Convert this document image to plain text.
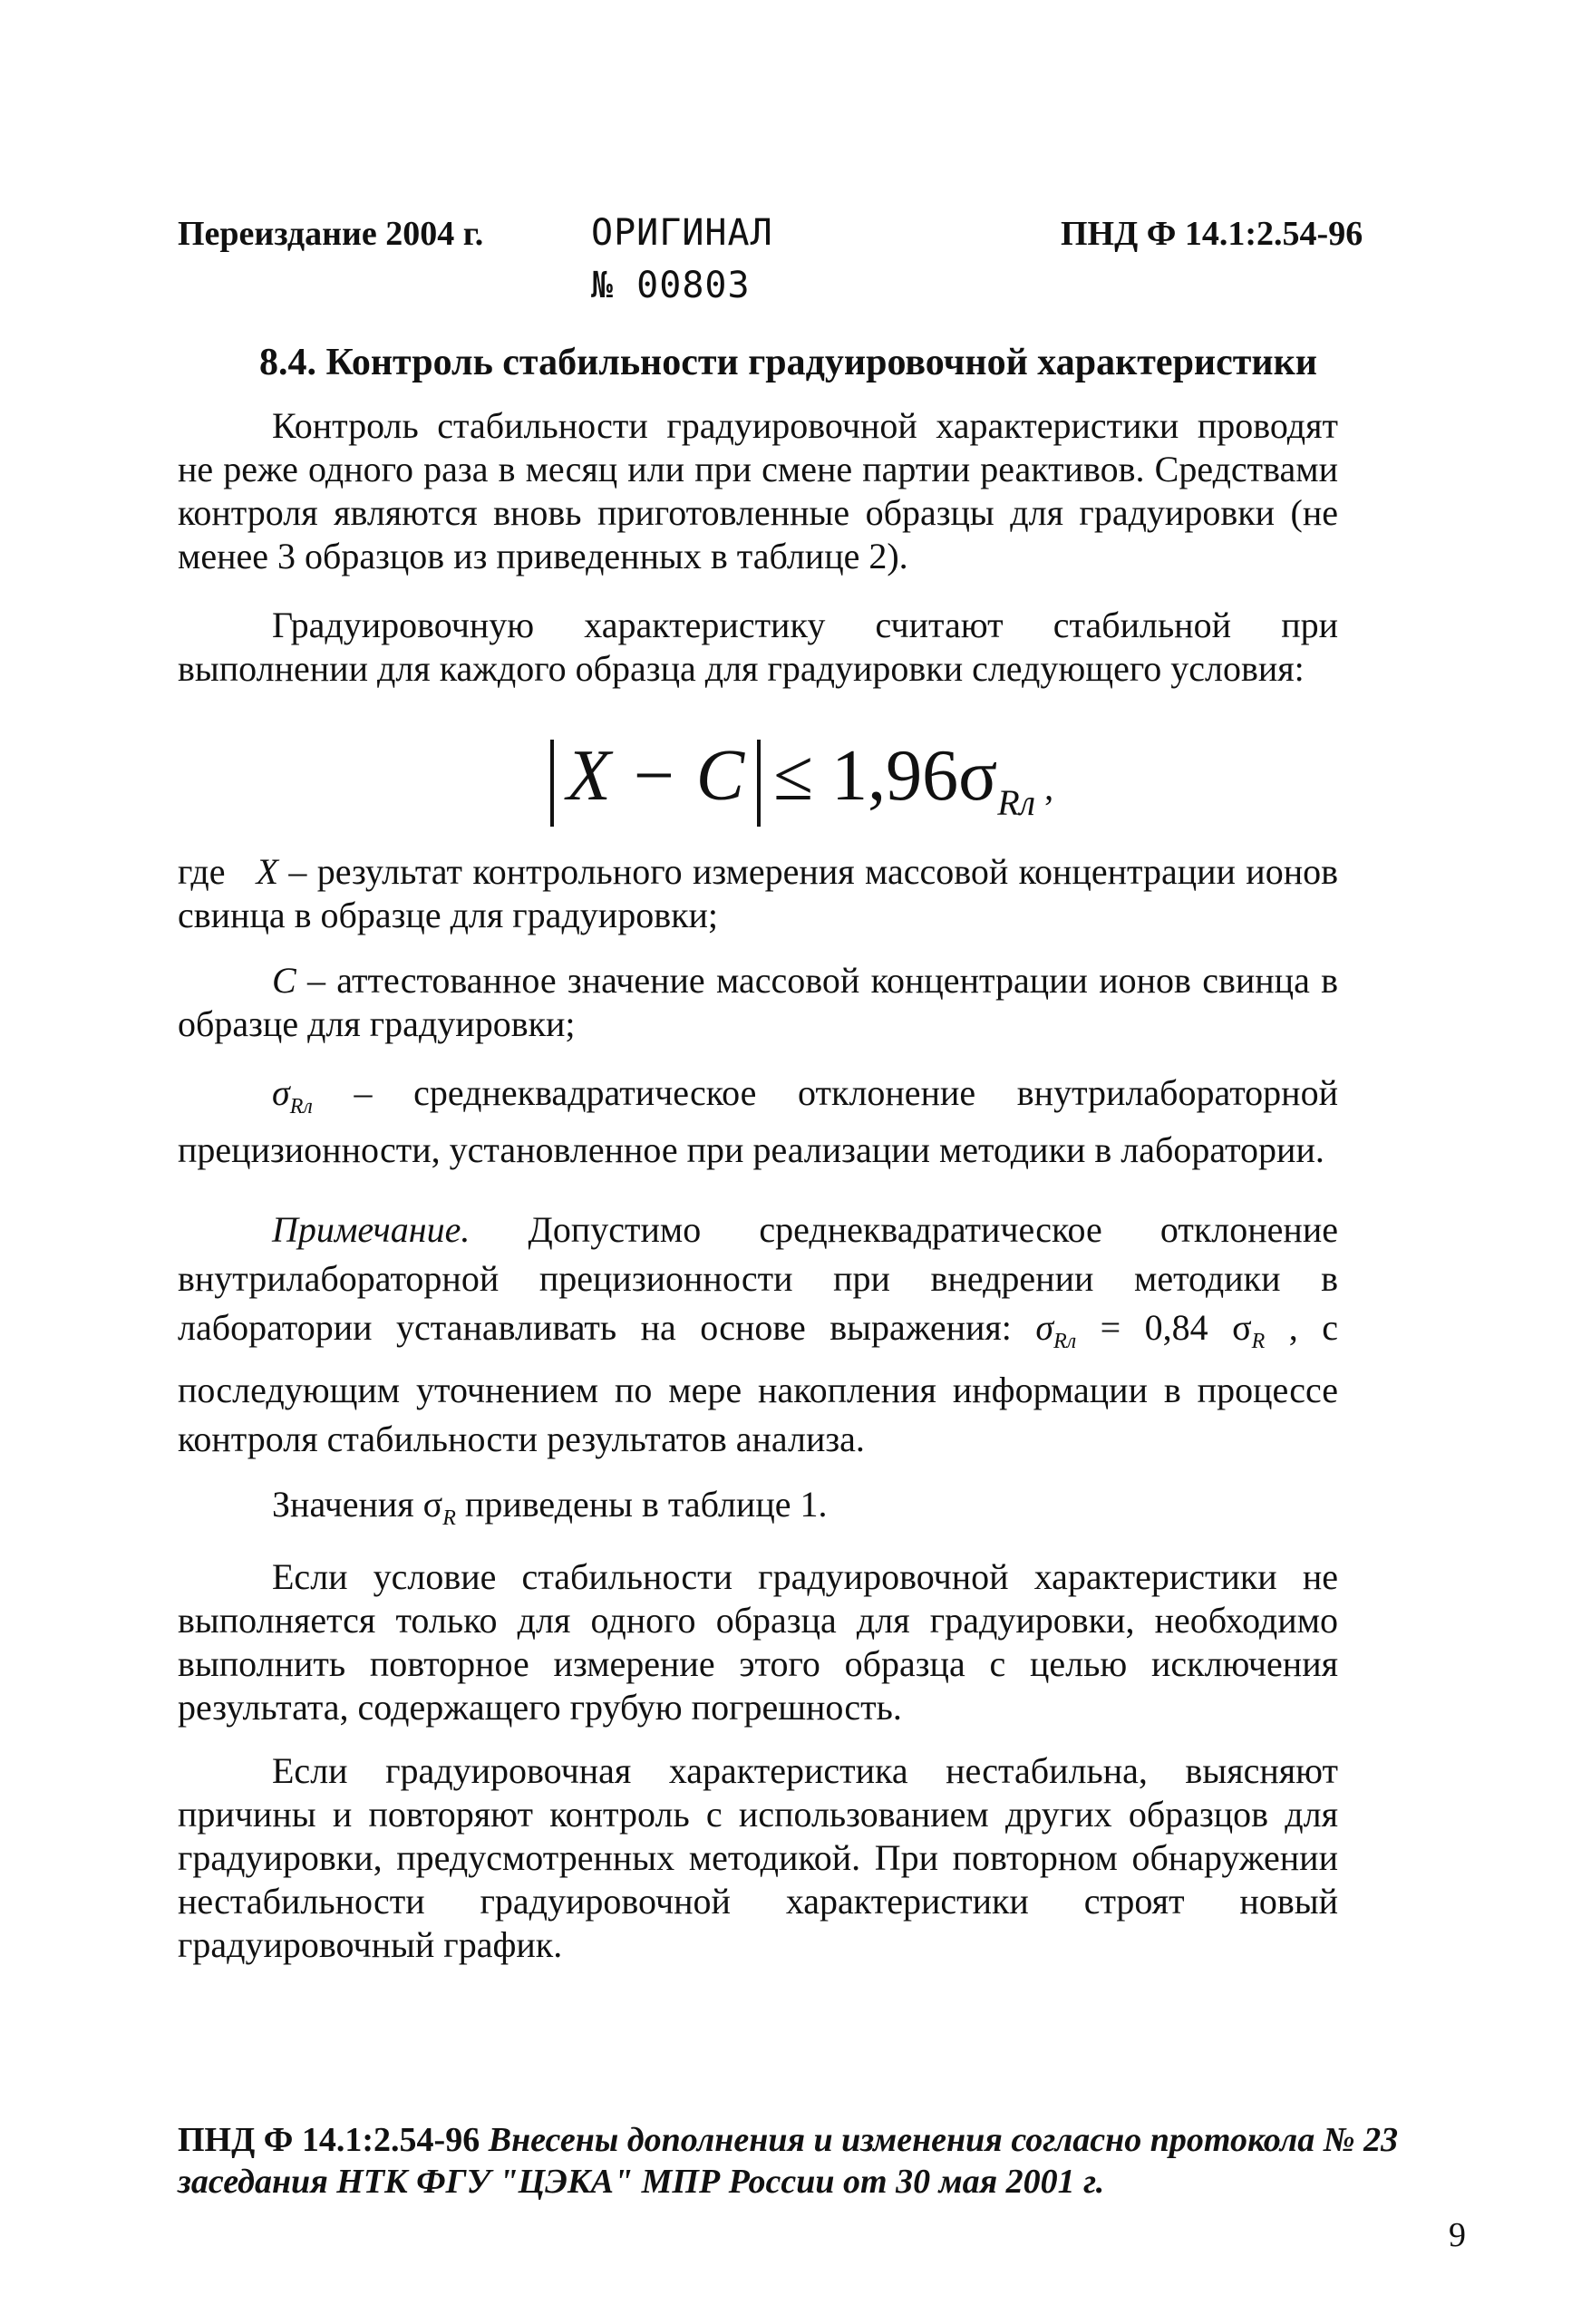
Переиздание 2004 г.	ОРИГИНАЛ
№ 00803
ПНД Ф 14.1:2.54-96
8.4. Контроль стабильности градуировочной характеристики
Контроль стабильности градуировочной характеристики проводят не реже одного раза в месяц или при смене партии реактивов. Средствами контроля являются вновь приготовленные образцы для градуировки (не менее 3 образцов из приведенных в таблице 2).
Градуировочную характеристику считают стабильной при выполнении для каждого образца для градуировки следующего условия:
$X - C \le 1,96\sigma_{Rл}$ ,
где X – результат контрольного измерения массовой концентрации ионов свинца в образце для градуировки;
C – аттестованное значение массовой концентрации ионов свинца в образце для градуировки;
$\sigma_{Rл}$ – среднеквадратическое отклонение внутрилабораторной прецизионности, установленное при реализации методики в лаборатории.
Примечание. Допустимо среднеквадратическое отклонение внутрилабораторной прецизионности при внедрении методики в лаборатории устанавливать на основе выражения: $\sigma_{Rл} = 0,84$ $\sigma_R$ , с последующим уточнением по мере накопления информации в процессе контроля стабильности результатов анализа.
Значения $\sigma_R$ приведены в таблице 1.
Если условие стабильности градуировочной характеристики не выполняется только для одного образца для градуировки, необходимо выполнить повторное измерение этого образца с целью исключения результата, содержащего грубую погрешность.
Если градуировочная характеристика нестабильна, выясняют причины и повторяют контроль с использованием других образцов для градуировки, предусмотренных методикой. При повторном обнаружении нестабильности градуировочной характеристики строят новый градуировочный график.
ПНД Ф 14.1:2.54-96 Внесены дополнения и изменения согласно протокола № 23 заседания НТК ФГУ "ЦЭКА" МПР России от 30 мая 2001 г.
9
